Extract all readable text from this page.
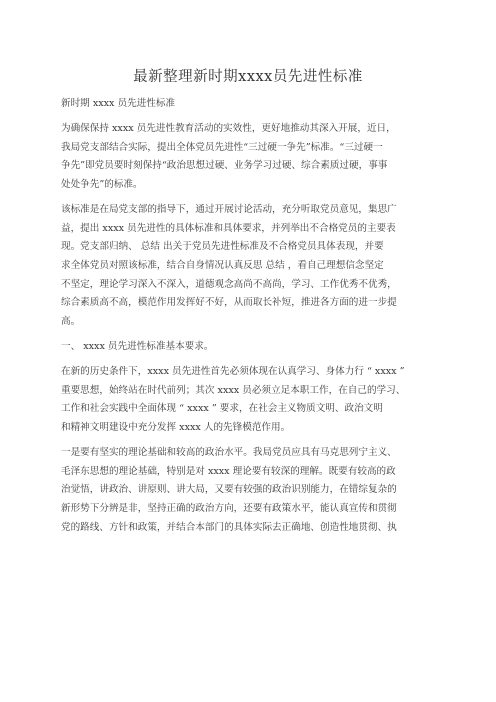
最新整理新时期xxxx员先进性标准
新时期 xxxx 员先进性标准
为确保保持 xxxx 员先进性教育活动的实效性，更好地推动其深入开展，近日，
我局党支部结合实际，提出全体党员先进性“三过硬一争先”标准。“三过硬一
争先”即党员要时刻保持“政治思想过硬、业务学习过硬、综合素质过硬，事事
处处争先”的标准。
该标准是在局党支部的指导下，通过开展讨论活动，充分听取党员意见，集思广
益，提出 xxxx 员先进性的具体标准和具体要求，并列举出不合格党员的主要表
现。党支部归纳、 总结 出关于党员先进性标准及不合格党员具体表现，并要
求全体党员对照该标准，结合自身情况认真反思 总结 ，看自己理想信念坚定
不坚定，理论学习深入不深入，道德观念高尚不高尚，学习、工作优秀不优秀，
综合素质高不高，模范作用发挥好不好，从而取长补短，推进各方面的进一步提
高。
一、 xxxx 员先进性标准基本要求。
在新的历史条件下，xxxx 员先进性首先必须体现在认真学习、身体力行 “ xxxx ”
重要思想，始终站在时代前列；其次 xxxx 员必须立足本职工作，在自己的学习、
工作和社会实践中全面体现 “ xxxx ” 要求，在社会主义物质文明、政治文明
和精神文明建设中充分发挥 xxxx 人的先锋模范作用。
一是要有坚实的理论基础和较高的政治水平。我局党员应具有马克思列宁主义、
毛泽东思想的理论基础，特别是对 xxxx 理论要有较深的理解。既要有较高的政
治觉悟，讲政治、讲原则、讲大局，又要有较强的政治识别能力，在错综复杂的
新形势下分辨是非，坚持正确的政治方向，还要有政策水平，能认真宣传和贯彻
党的路线、方针和政策，并结合本部门的具体实际去正确地、创造性地贯彻、执
